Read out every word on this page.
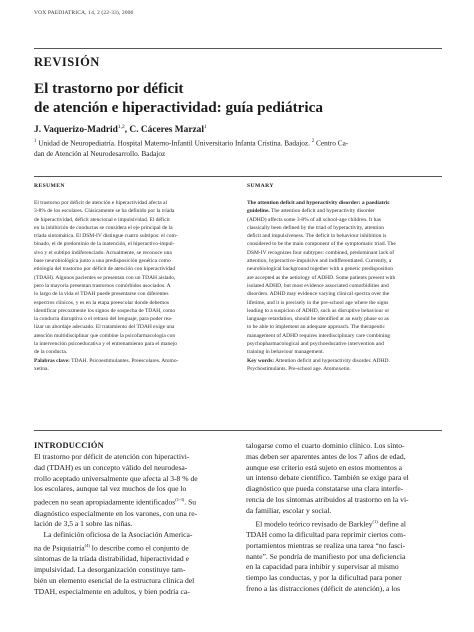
VOX PAEDIATRICA, 14, 2 (22-33), 2006
REVISIÓN
El trastorno por déficit
de atención e hiperactividad: guía pediátrica
J. Vaquerizo-Madrid$^{1,2}$, C. Cáceres Marzal$^1$
$^1$ Unidad de Neuropediatría. Hospital Materno-Infantil Universitario Infanta Cristina. Badajoz. $^2$ Centro Ca-
dan de Atención al Neurodesarrollo. Badajoz
RESUMEN	SUMARY
El trastorno por déficit de atención e hiperactividad afecta al
3-8% de los escolares. Clásicamente se ha definido por la tríada
de hiperactividad, déficit atencional e impulsividad. El déficit
en la inhibición de conductas se considera el eje principal de la
tríada sintomática. El DSM-IV distingue cuatro subtipos: el com-
binado, el de predominio de la inatención, el hiperactivo-impul-
sivo y el subtipo indiferenciado. Actualmente, se reconoce una
base neurobiológica junto a una predisposición genética como
etiología del trastorno por déficit de atención con hiperactividad
(TDAH). Algunos pacientes se presentan con un TDAH aislado,
pero la mayoría presentan trastornos comórbidos asociados. A
lo largo de la vida el TDAH puede presentarse con diferentes
espectros clínicos, y es en la etapa preescolar donde debemos
identificar precozmente los signos de sospecha de TDAH, como
la conducta disruptiva o el retraso del lenguaje, para poder rea-
lizar un abordaje adecuado. El tratamiento del TDAH exige una
atención multidisciplinar que combine la psicofarmacología con
la intervención psicoeducativa y el entrenamiento para el manejo
de la conducta.
Palabras clave: TDAH. Psicoestimulantes. Preescolares. Atomo-
xetina.
The attention deficit and hyperactivity disorder: a paediatric
guideline. The attention deficit and hyperactivity disorder
(ADHD) affects some 3-8% of all school-age children. It has
classically been defined by the triad of hyperactivity, attention
deficit and impulsiveness. The deficit in behaviour inhibition is
considered to be the main component of the symptomatic triad. The
DSM-IV recognizes four subtypes: combined, predominant lack of
attention, hyperactive-impulsive and indifferentiated. Currently, a
neurobiological background together with a genetic predisposition
are accepted as the aetiology of ADHD. Some patients present with
isolated ADHD, but most evidence associated comorbidities and
disorders. ADHD may evidence varying clinical spectra over the
lifetime, and it is precisely in the pre-school age where the signs
leading to a suspicion of ADHD, such as disruptive behaviour or
language retardation, should be identified at an early phase so as
to be able to implement an adequate approach. The therapeutic
management of ADHD requires interdisciplinary care combining
psychopharmacological and psychoeducative intervention and
training in behaviour management.
Key words: Attention deficit and hyperactivity disorder. ADHD.
Psychostimulants. Pre-school age. Atomoxetin.
INTRODUCCIÓN
El trastorno por déficit de atención con hiperactivi-
dad (TDAH) es un concepto válido del neurodesa-
rrollo aceptado universalmente que afecta al 3-8 % de
los escolares, aunque tal vez muchos de los que lo
padecen no sean apropiadamente identificados$^{(1-3)}$. Su
diagnóstico especialmente en los varones, con una re-
lación de 3,5 a 1 sobre las niñas.
La definición oficiosa de la Asociación America-
na de Psiquiatría$^{(4)}$ lo describe como el conjunto de
síntomas de la tríada distrabilidad, hiperactividad e
impulsividad. La desorganización constituye tam-
bién un elemento esencial de la estructura clínica del
TDAH, especialmente en adultos, y bien podría ca-
talogarse como el cuarto dominio clínico. Los sínto-
mas deben ser aparentes antes de los 7 años de edad,
aunque ese criterio está sujeto en estos momentos a
un intenso debate científico. También se exige para el
diagnóstico que pueda constatarse una clara interfe-
rencia de los síntomas atribuidos al trastorno en la vi-
da familiar, escolar y social.
El modelo teórico revisado de Barkley$^{(1)}$ define al
TDAH como la dificultad para reprimir ciertos com-
portamientos mientras se realiza una tarea “no fasci-
nante”. Se pondría de manifiesto por una deficiencia
en la capacidad para inhibir y supervisar al mismo
tiempo las conductas, y por la dificultad para poner
freno a las distracciones (déficit de atención), a los
